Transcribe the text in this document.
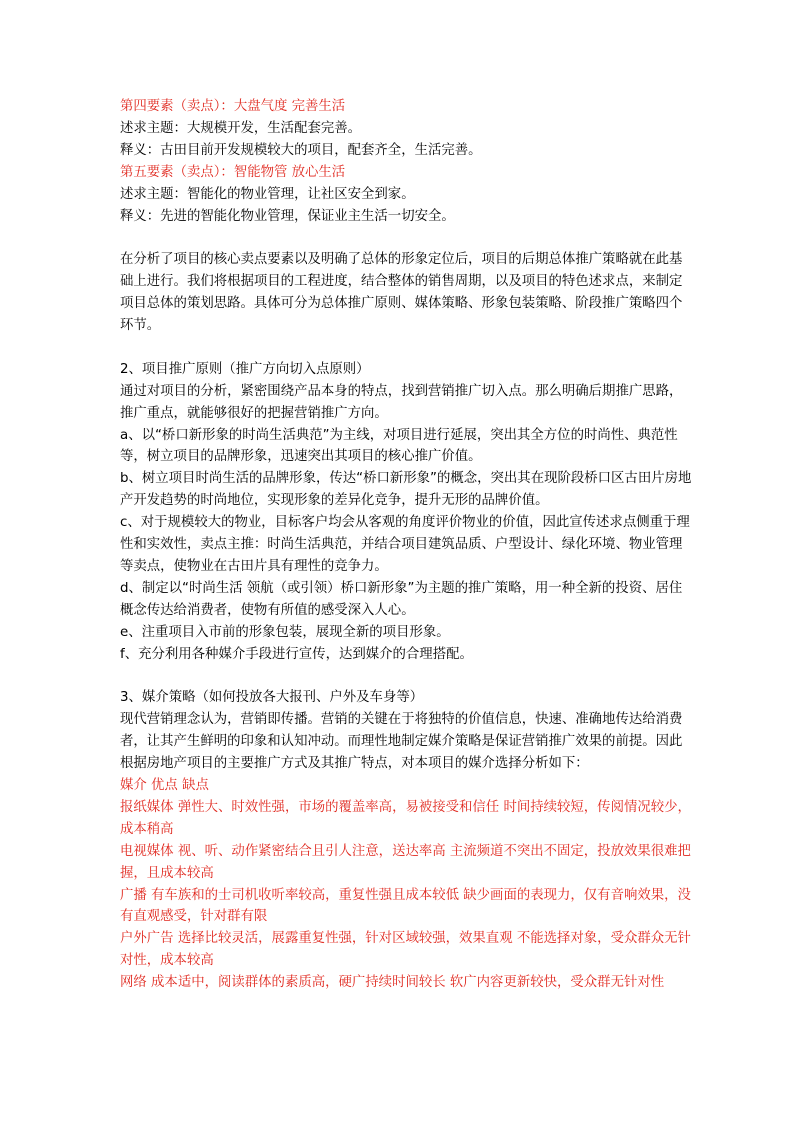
第四要素（卖点）：大盘气度 完善生活
述求主题：大规模开发，生活配套完善。
释义：古田目前开发规模较大的项目，配套齐全，生活完善。
第五要素（卖点）：智能物管 放心生活
述求主题：智能化的物业管理，让社区安全到家。
释义：先进的智能化物业管理，保证业主生活一切安全。
在分析了项目的核心卖点要素以及明确了总体的形象定位后，项目的后期总体推广策略就在此基础上进行。我们将根据项目的工程进度，结合整体的销售周期，以及项目的特色述求点，来制定项目总体的策划思路。具体可分为总体推广原则、媒体策略、形象包装策略、阶段推广策略四个环节。
2、项目推广原则（推广方向切入点原则）
通过对项目的分析，紧密围绕产品本身的特点，找到营销推广切入点。那么明确后期推广思路，推广重点，就能够很好的把握营销推广方向。
a、以“桥口新形象的时尚生活典范”为主线，对项目进行延展，突出其全方位的时尚性、典范性等，树立项目的品牌形象，迅速突出其项目的核心推广价值。
b、树立项目时尚生活的品牌形象，传达“桥口新形象”的概念，突出其在现阶段桥口区古田片房地产开发趋势的时尚地位，实现形象的差异化竞争，提升无形的品牌价值。
c、对于规模较大的物业，目标客户均会从客观的角度评价物业的价值，因此宣传述求点侧重于理性和实效性，卖点主推：时尚生活典范，并结合项目建筑品质、户型设计、绿化环境、物业管理等卖点，使物业在古田片具有理性的竞争力。
d、制定以“时尚生活 领航（或引领）桥口新形象”为主题的推广策略，用一种全新的投资、居住概念传达给消费者，使物有所值的感受深入人心。
e、注重项目入市前的形象包装，展现全新的项目形象。
f、充分利用各种媒介手段进行宣传，达到媒介的合理搭配。
3、媒介策略（如何投放各大报刊、户外及车身等）
现代营销理念认为，营销即传播。营销的关键在于将独特的价值信息，快速、准确地传达给消费者，让其产生鲜明的印象和认知冲动。而理性地制定媒介策略是保证营销推广效果的前提。因此根据房地产项目的主要推广方式及其推广特点，对本项目的媒介选择分析如下：
媒介 优点 缺点
报纸媒体 弹性大、时效性强，市场的覆盖率高，易被接受和信任 时间持续较短，传阅情况较少，成本稍高
电视媒体 视、听、动作紧密结合且引人注意，送达率高 主流频道不突出不固定，投放效果很难把握，且成本较高
广播 有车族和的士司机收听率较高，重复性强且成本较低 缺少画面的表现力，仅有音响效果，没有直观感受，针对群有限
户外广告 选择比较灵活，展露重复性强，针对区域较强，效果直观 不能选择对象，受众群众无针对性，成本较高
网络 成本适中，阅读群体的素质高，硬广持续时间较长 软广内容更新较快，受众群无针对性
